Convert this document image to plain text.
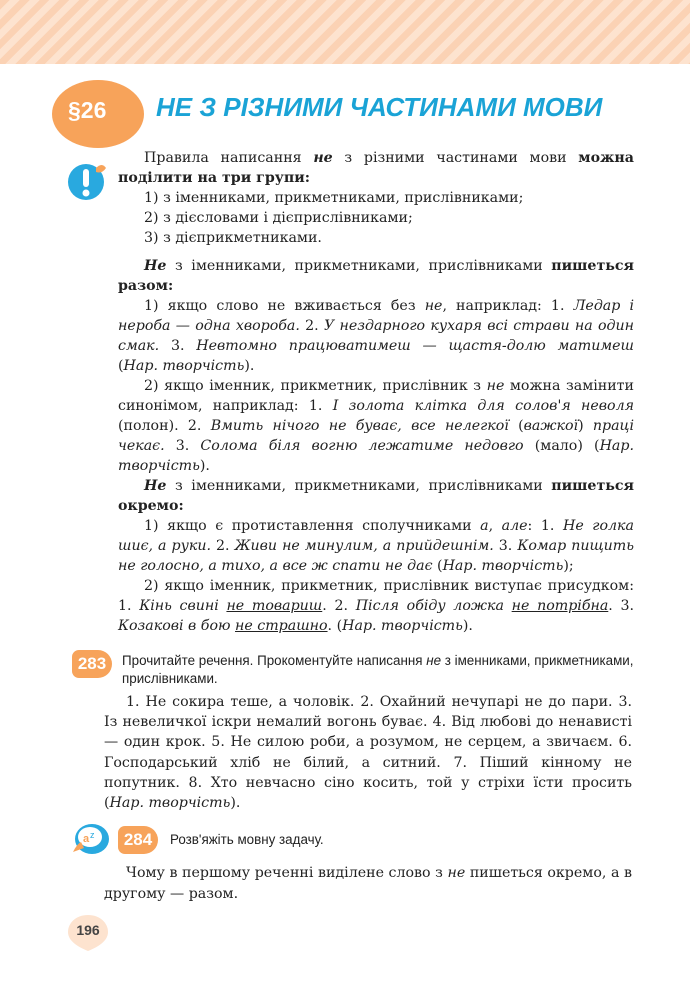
§26 НЕ З РІЗНИМИ ЧАСТИНАМИ МОВИ

Правила написання не з різними частинами мови можна поділити на три групи:

1) з іменниками, прикметниками, прислівниками;

2) з дієсловами і дієприслівниками;

3) з дієприкметниками.

Не з іменниками, прикметниками, прислівниками пишеться разом:

1) якщо слово не вживається без не, наприклад: 1. Ледар і нероба — одна хвороба. 2. У нездарного кухаря всі страви на один смак. 3. Невтомно працюватимеш — щастя-долю матимеш (Нар. творчість).

2) якщо іменник, прикметник, прислівник з не можна замінити синонімом, наприклад: 1. І золота клітка для солов'я неволя (полон). 2. Вмить нічого не буває, все нелегкої (важкої) праці чекає. 3. Солома біля вогню лежатиме недовго (мало) (Нар. творчість).

Не з іменниками, прикметниками, прислівниками пишеться окремо:

1) якщо є протиставлення сполучниками а, але: 1. Не голка шиє, а руки. 2. Живи не минулим, а прийдешнім. 3. Комар пищить не голосно, а тихо, а все ж спати не дає (Нар. творчість);

2) якщо іменник, прикметник, прислівник виступає присудком: 1. Кінь свині не товариш. 2. Після обіду ложка не потрібна. 3. Козакові в бою не страшно. (Нар. творчість).

283	Прочитайте речення. Прокоментуйте написання не з іменниками, прикметниками, прислівниками.
1. Не сокира теше, а чоловік. 2. Охайний нечупарі не до пари. 3. Із невеличкої іскри немалий вогонь буває. 4. Від любові до ненависті — один крок. 5. Не силою роби, а розумом, не серцем, а звичаєм. 6. Господарський хліб не білий, а ситний. 7. Піший кінному не попутник. 8. Хто невчасно сіно косить, той у стріхи їсти просить (Нар. творчість).
a z	284	Розв'яжіть мовну задачу.
Чому в першому реченні виділене слово з не пишеться окремо, а в другому — разом.
196
